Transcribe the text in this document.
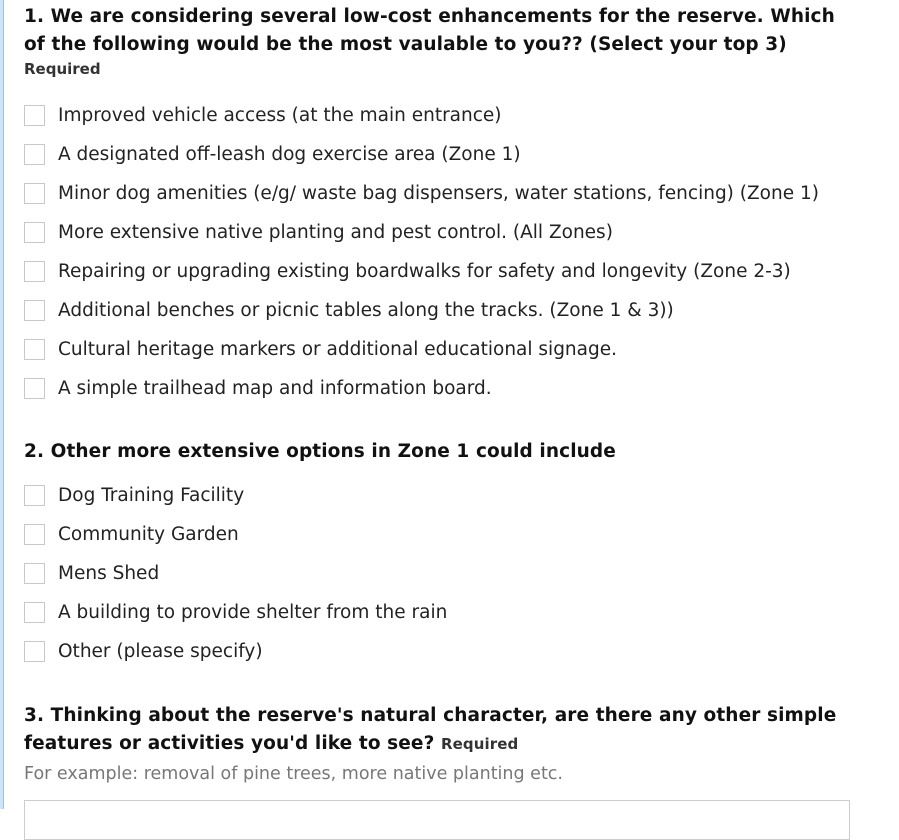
1. We are considering several low-cost enhancements for the reserve. Which
of the following would be the most vaulable to you?? (Select your top 3)
Required
Improved vehicle access (at the main entrance)
A designated off-leash dog exercise area (Zone 1)
Minor dog amenities (e/g/ waste bag dispensers, water stations, fencing) (Zone 1)
More extensive native planting and pest control. (All Zones)
Repairing or upgrading existing boardwalks for safety and longevity (Zone 2-3)
Additional benches or picnic tables along the tracks. (Zone 1 & 3))
Cultural heritage markers or additional educational signage.
A simple trailhead map and information board.
2. Other more extensive options in Zone 1 could include
Dog Training Facility
Community Garden
Mens Shed
A building to provide shelter from the rain
Other (please specify)
3. Thinking about the reserve's natural character, are there any other simple
features or activities you'd like to see? Required
For example: removal of pine trees, more native planting etc.
